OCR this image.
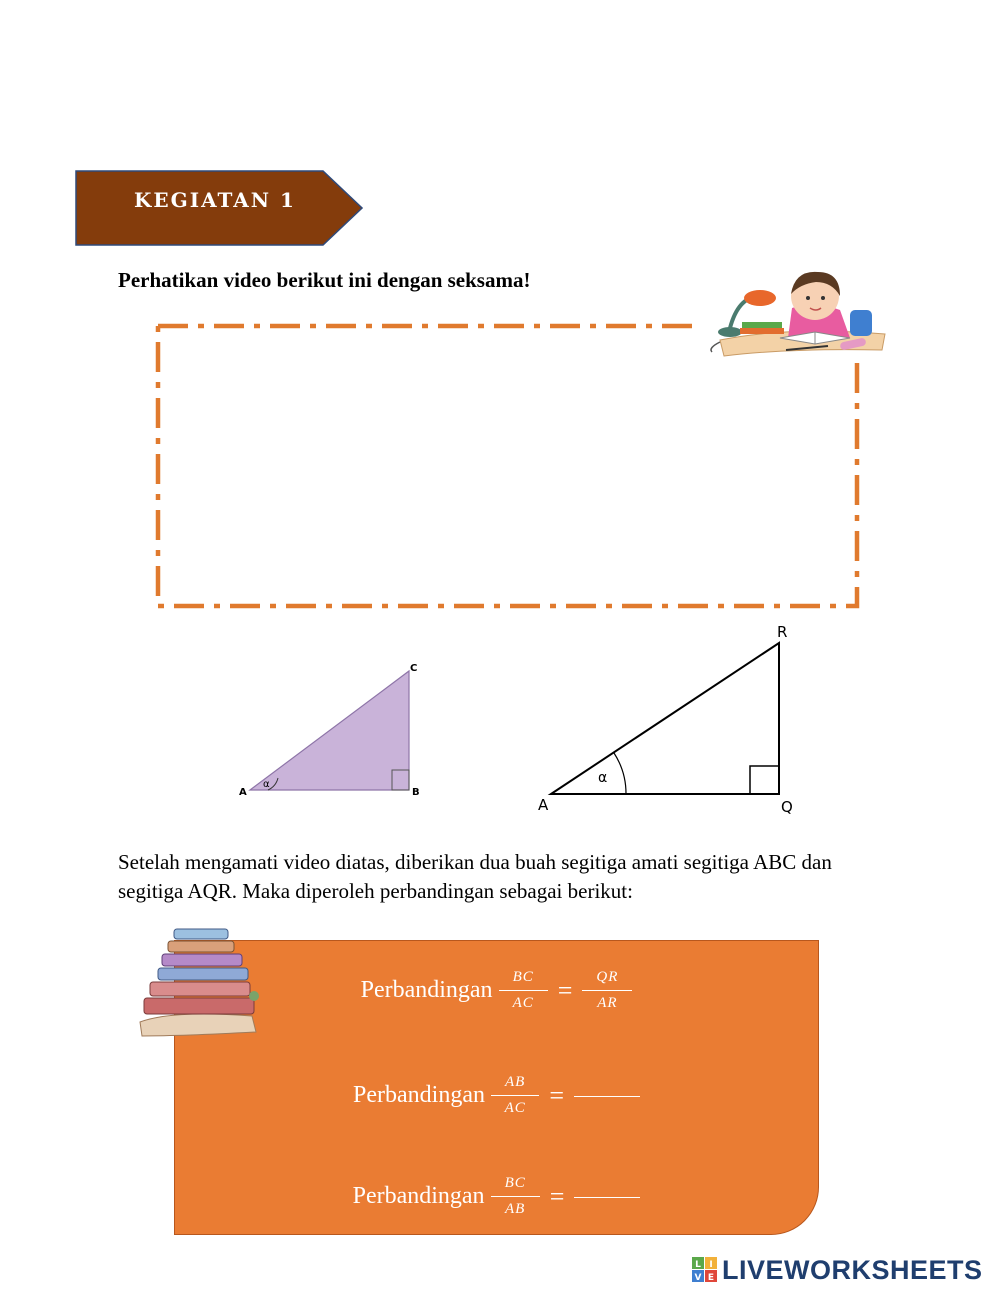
KEGIATAN 1
Perhatikan video berikut ini dengan seksama!
α
A	B
C
α
A	Q
R
Setelah mengamati video diatas, diberikan dua buah segitiga amati segitiga ABC dan segitiga AQR. Maka diperoleh perbandingan sebagai berikut:
Perbandingan $\frac{BC}{AC} = \frac{QR}{AR}$
Perbandingan $\frac{AB}{AC}$ =
Perbandingan $\frac{BC}{AB}$ =
L I
V E LIVEWORKSHEETS
